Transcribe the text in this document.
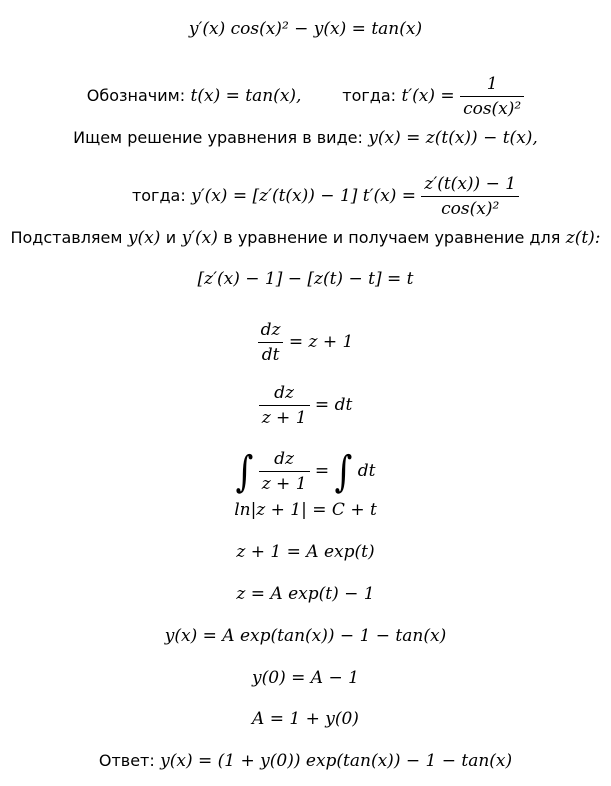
y′(x) cos(x)² − y(x) = tan(x)
Обозначим: t(x) = tan(x),	тогда: $t'(x) = \frac{1}{\text{cos(x)²}}$
Ищем решение уравнения в виде: y(x) = z(t(x)) − t(x),
тогда: y′(x) = [z′(t(x)) − 1] $t'(x) = \frac{z'(t(x)) - 1}{\text{cos(x)²}}$
Подставляем y(x) и y′(x) в уравнение и получаем уравнение для z(t):
[z′(x) − 1] − [z(t) − t] = t
$\frac{dz}{dt} = z + 1$
$\frac{dz}{z + 1}$ = dt
∫ $\frac{dz}{z + 1}$ = ∫ dt
ln|z + 1| = C + t
z + 1 = A exp(t)
z = A exp(t) − 1
y(x) = A exp(tan(x)) − 1 − tan(x)
y(0) = A − 1
A = 1 + y(0)
Ответ: y(x) = (1 + y(0)) exp(tan(x)) − 1 − tan(x)
